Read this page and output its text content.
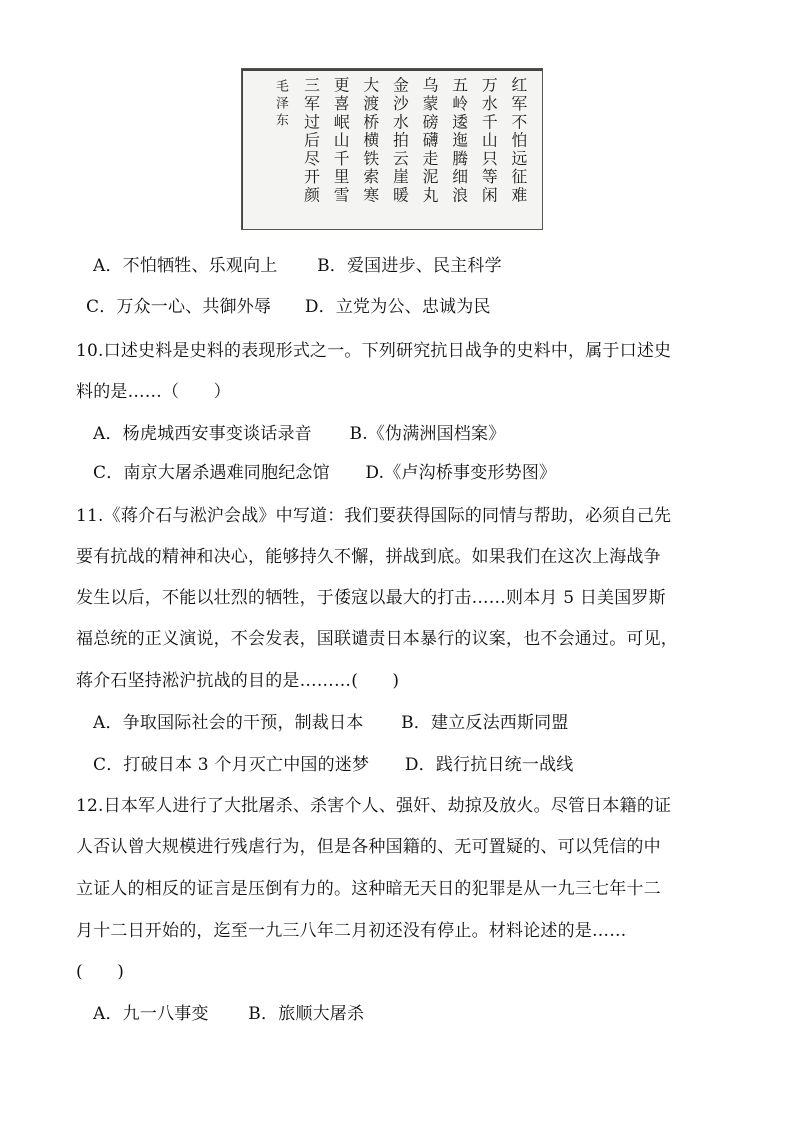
红
军
不
怕
远
征
难
万
水
千
山
只
等
闲
五
岭
逶
迤
腾
细
浪
乌
蒙
磅
礴
走
泥
丸
金
沙
水
拍
云
崖
暖
大
渡
桥
横
铁
索
寒
更
喜
岷
山
千
里
雪
三
军
过
后
尽
开
颜
毛
泽
东
A．不怕牺牲、乐观向上 B．爱国进步、民主科学
C．万众一心、共御外辱 D．立党为公、忠诚为民
10.口述史料是史料的表现形式之一。下列研究抗日战争的史料中，属于口述史
料的是……（　　）
A．杨虎城西安事变谈话录音 B.《伪满洲国档案》
C．南京大屠杀遇难同胞纪念馆 D.《卢沟桥事变形势图》
11.《蒋介石与淞沪会战》中写道：我们要获得国际的同情与帮助，必须自己先
要有抗战的精神和决心，能够持久不懈，拼战到底。如果我们在这次上海战争
发生以后，不能以壮烈的牺牲，于倭寇以最大的打击……则本月 5 日美国罗斯
福总统的正义演说，不会发表，国联谴责日本暴行的议案，也不会通过。可见，
蒋介石坚持淞沪抗战的目的是………(　　)
A．争取国际社会的干预，制裁日本 B．建立反法西斯同盟
C．打破日本 3 个月灭亡中国的迷梦 D．践行抗日统一战线
12.日本军人进行了大批屠杀、杀害个人、强奸、劫掠及放火。尽管日本籍的证
人否认曾大规模进行残虐行为，但是各种国籍的、无可置疑的、可以凭信的中
立证人的相反的证言是压倒有力的。这种暗无天日的犯罪是从一九三七年十二
月十二日开始的，迄至一九三八年二月初还没有停止。材料论述的是……
(　　)
A．九一八事变 B．旅顺大屠杀
